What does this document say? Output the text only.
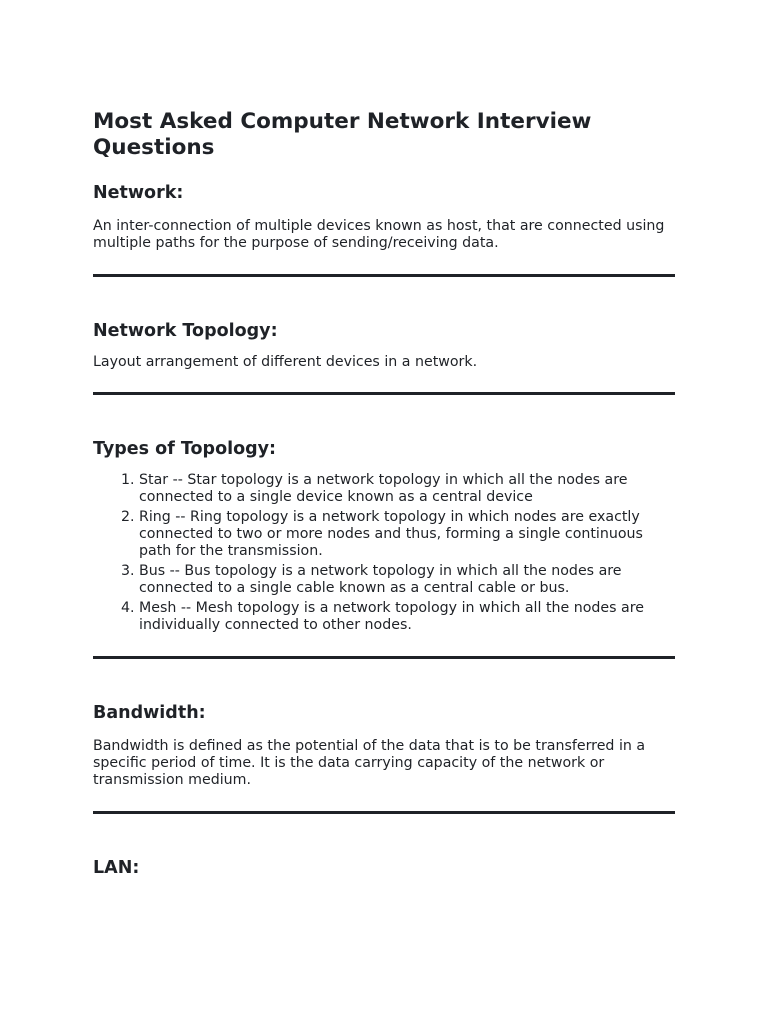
Most Asked Computer Network Interview Questions
Network:

An inter-connection of multiple devices known as host, that are connected using multiple paths for the purpose of sending/receiving data.

Network Topology:

Layout arrangement of different devices in a network.

Types of Topology:
1. Star -- Star topology is a network topology in which all the nodes are connected to a single device known as a central device
2. Ring -- Ring topology is a network topology in which nodes are exactly connected to two or more nodes and thus, forming a single continuous path for the transmission.
3. Bus -- Bus topology is a network topology in which all the nodes are connected to a single cable known as a central cable or bus.
4. Mesh -- Mesh topology is a network topology in which all the nodes are individually connected to other nodes.
Bandwidth:

Bandwidth is defined as the potential of the data that is to be transferred in a specific period of time. It is the data carrying capacity of the network or transmission medium.

LAN:
